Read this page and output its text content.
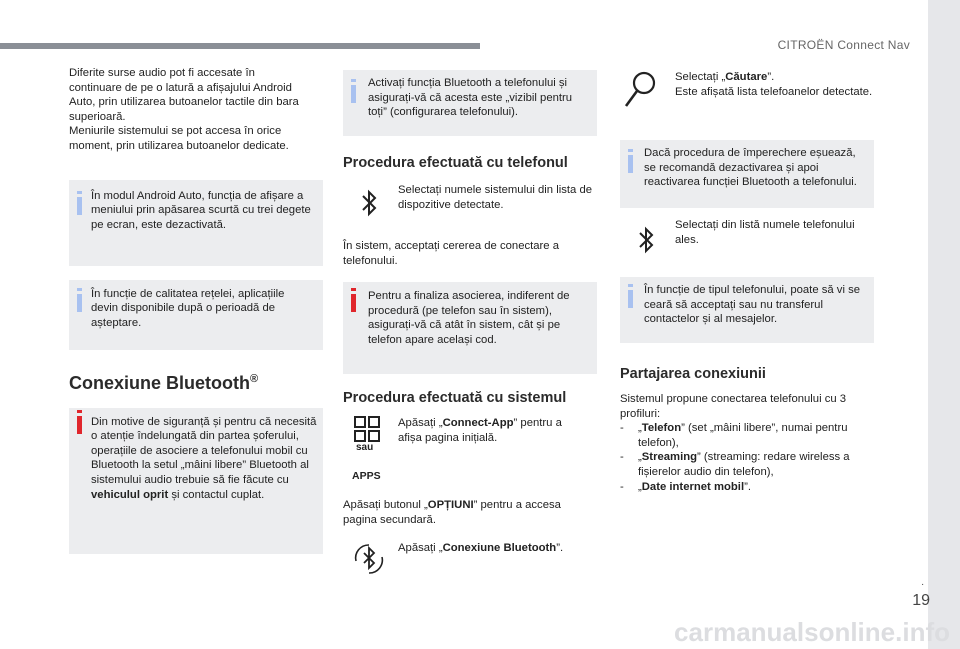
CITROËN Connect Nav
.
19
carmanualsonline.info

Diferite surse audio pot fi accesate în continuare de pe o latură a afișajului Android Auto, prin utilizarea butoanelor tactile din bara superioară.

Meniurile sistemului se pot accesa în orice moment, prin utilizarea butoanelor dedicate.

În modul Android Auto, funcția de afișare a meniului prin apăsarea scurtă cu trei degete pe ecran, este dezactivată.
În funcție de calitatea rețelei, aplicațiile devin disponibile după o perioadă de așteptare.
Conexiune Bluetooth®
Din motive de siguranță și pentru că necesită o atenție îndelungată din partea șoferului, operațiile de asociere a telefonului mobil cu Bluetooth la setul „mâini libere” Bluetooth al sistemului audio trebuie să fie făcute cu vehiculul oprit și contactul cuplat.
Activați funcția Bluetooth a telefonului și asigurați-vă că acesta este „vizibil pentru toți” (configurarea telefonului).
Procedura efectuată cu telefonul

Selectați numele sistemului din lista de dispozitive detectate.

În sistem, acceptați cererea de conectare a telefonului.

Pentru a finaliza asocierea, indiferent de procedură (pe telefon sau în sistem), asigurați-vă că atât în sistem, cât și pe telefon apare același cod.
Procedura efectuată cu sistemul
sau
APPS

Apăsați „Connect-App” pentru a afișa pagina inițială.

Apăsați butonul „OPȚIUNI” pentru a accesa pagina secundară.

Apăsați „Conexiune Bluetooth”.

Selectați „Căutare”.
Este afișată lista telefoanelor detectate.

Dacă procedura de împerechere eșuează, se recomandă dezactivarea și apoi reactivarea funcției Bluetooth a telefonului.

Selectați din listă numele telefonului ales.

În funcție de tipul telefonului, poate să vi se ceară să acceptați sau nu transferul contactelor și al mesajelor.
Partajarea conexiunii

Sistemul propune conectarea telefonului cu 3 profiluri:

-	„Telefon” (set „mâini libere”, numai pentru telefon),

-	„Streaming” (streaming: redare wireless a fișierelor audio din telefon),

-	„Date internet mobil”.
